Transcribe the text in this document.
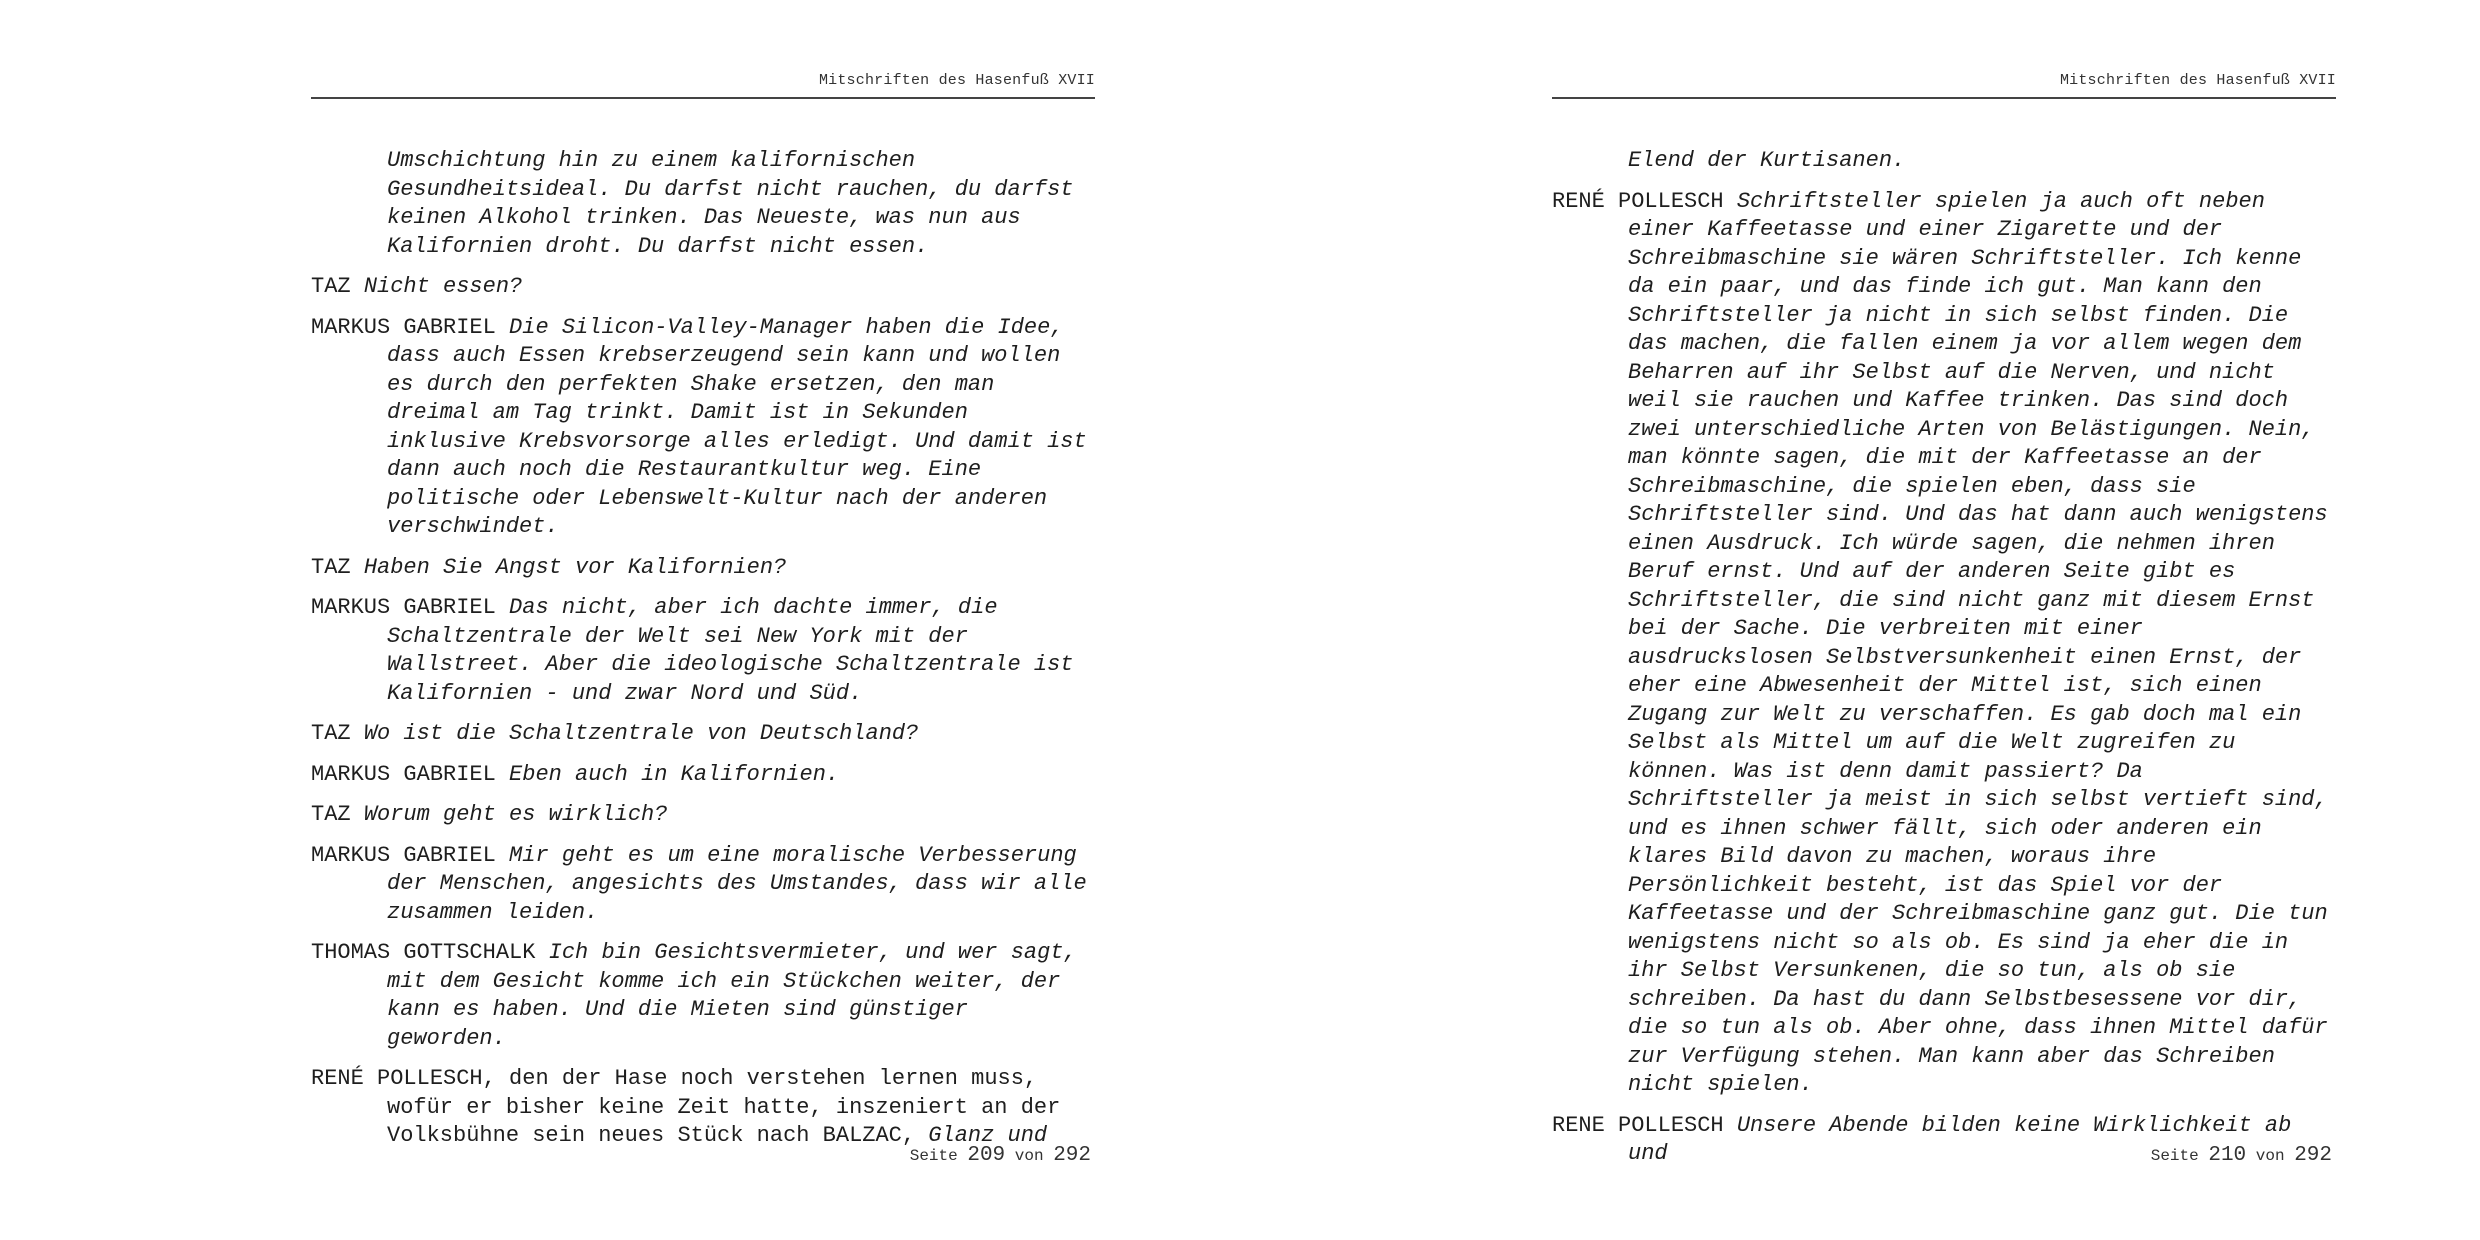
Mitschriften des Hasenfuß XVII

Umschichtung hin zu einem kalifornischen Gesundheitsideal. Du darfst nicht rauchen, du darfst keinen Alkohol trinken. Das Neueste, was nun aus Kalifornien droht. Du darfst nicht essen.

TAZ Nicht essen?

MARKUS GABRIEL Die Silicon-Valley-Manager haben die Idee, dass auch Essen krebserzeugend sein kann und wollen es durch den perfekten Shake ersetzen, den man dreimal am Tag trinkt. Damit ist in Sekunden inklusive Krebsvorsorge alles erledigt. Und damit ist dann auch noch die Restaurantkultur weg. Eine politische oder Lebenswelt-Kultur nach der anderen verschwindet.

TAZ Haben Sie Angst vor Kalifornien?

MARKUS GABRIEL Das nicht, aber ich dachte immer, die Schaltzentrale der Welt sei New York mit der Wallstreet. Aber die ideologische Schaltzentrale ist Kalifornien - und zwar Nord und Süd.

TAZ Wo ist die Schaltzentrale von Deutschland?

MARKUS GABRIEL Eben auch in Kalifornien.

TAZ Worum geht es wirklich?

MARKUS GABRIEL Mir geht es um eine moralische Verbesserung der Menschen, angesichts des Umstandes, dass wir alle zusammen leiden.

THOMAS GOTTSCHALK Ich bin Gesichtsvermieter, und wer sagt, mit dem Gesicht komme ich ein Stückchen weiter, der kann es haben. Und die Mieten sind günstiger geworden.

RENÉ POLLESCH, den der Hase noch verstehen lernen muss, wofür er bisher keine Zeit hatte, inszeniert an der Volksbühne sein neues Stück nach BALZAC, Glanz und

Seite 209 von 292
Mitschriften des Hasenfuß XVII

Elend der Kurtisanen.

RENÉ POLLESCH Schriftsteller spielen ja auch oft neben einer Kaffeetasse und einer Zigarette und der Schreibmaschine sie wären Schriftsteller. Ich kenne da ein paar, und das finde ich gut. Man kann den Schriftsteller ja nicht in sich selbst finden. Die das machen, die fallen einem ja vor allem wegen dem Beharren auf ihr Selbst auf die Nerven, und nicht weil sie rauchen und Kaffee trinken. Das sind doch zwei unterschiedliche Arten von Belästigungen. Nein, man könnte sagen, die mit der Kaffeetasse an der Schreibmaschine, die spielen eben, dass sie Schriftsteller sind. Und das hat dann auch wenigstens einen Ausdruck. Ich würde sagen, die nehmen ihren Beruf ernst. Und auf der anderen Seite gibt es Schriftsteller, die sind nicht ganz mit diesem Ernst bei der Sache. Die verbreiten mit einer ausdruckslosen Selbstversunkenheit einen Ernst, der eher eine Abwesenheit der Mittel ist, sich einen Zugang zur Welt zu verschaffen. Es gab doch mal ein Selbst als Mittel um auf die Welt zugreifen zu können. Was ist denn damit passiert? Da Schriftsteller ja meist in sich selbst vertieft sind, und es ihnen schwer fällt, sich oder anderen ein klares Bild davon zu machen, woraus ihre Persönlichkeit besteht, ist das Spiel vor der Kaffeetasse und der Schreibmaschine ganz gut. Die tun wenigstens nicht so als ob. Es sind ja eher die in ihr Selbst Versunkenen, die so tun, als ob sie schreiben. Da hast du dann Selbstbesessene vor dir, die so tun als ob. Aber ohne, dass ihnen Mittel dafür zur Verfügung stehen. Man kann aber das Schreiben nicht spielen.

RENE POLLESCH Unsere Abende bilden keine Wirklichkeit ab und	Seite 210 von 292
